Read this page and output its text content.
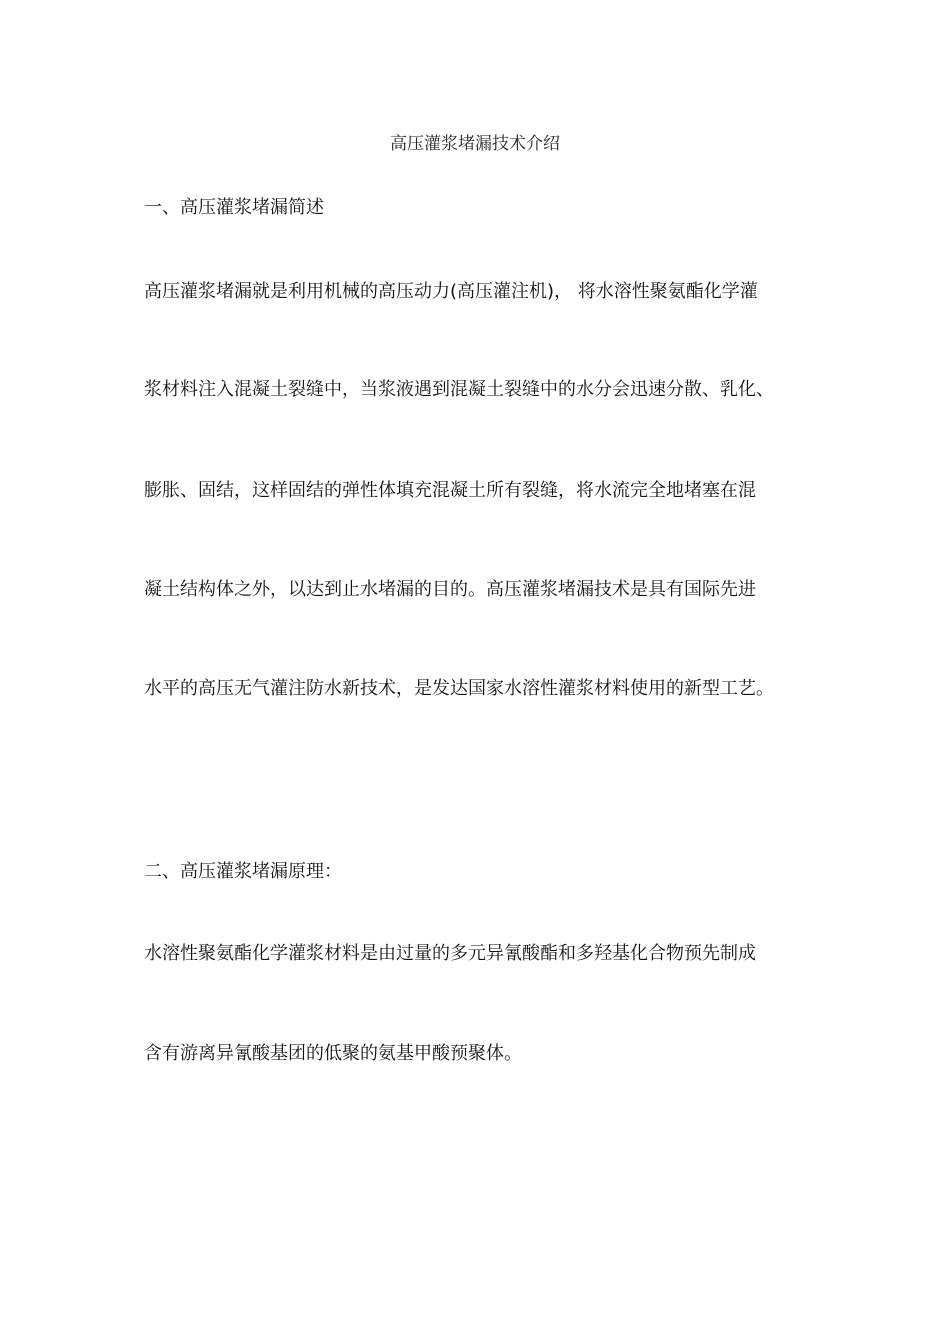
高压灌浆堵漏技术介绍
一、高压灌浆堵漏简述
高压灌浆堵漏就是利用机械的高压动力(高压灌注机)， 将水溶性聚氨酯化学灌
浆材料注入混凝土裂缝中，当浆液遇到混凝土裂缝中的水分会迅速分散、乳化、
膨胀、固结，这样固结的弹性体填充混凝土所有裂缝，将水流完全地堵塞在混
凝土结构体之外，以达到止水堵漏的目的。高压灌浆堵漏技术是具有国际先进
水平的高压无气灌注防水新技术，是发达国家水溶性灌浆材料使用的新型工艺。
二、高压灌浆堵漏原理：
水溶性聚氨酯化学灌浆材料是由过量的多元异氰酸酯和多羟基化合物预先制成
含有游离异氰酸基团的低聚的氨基甲酸预聚体。
